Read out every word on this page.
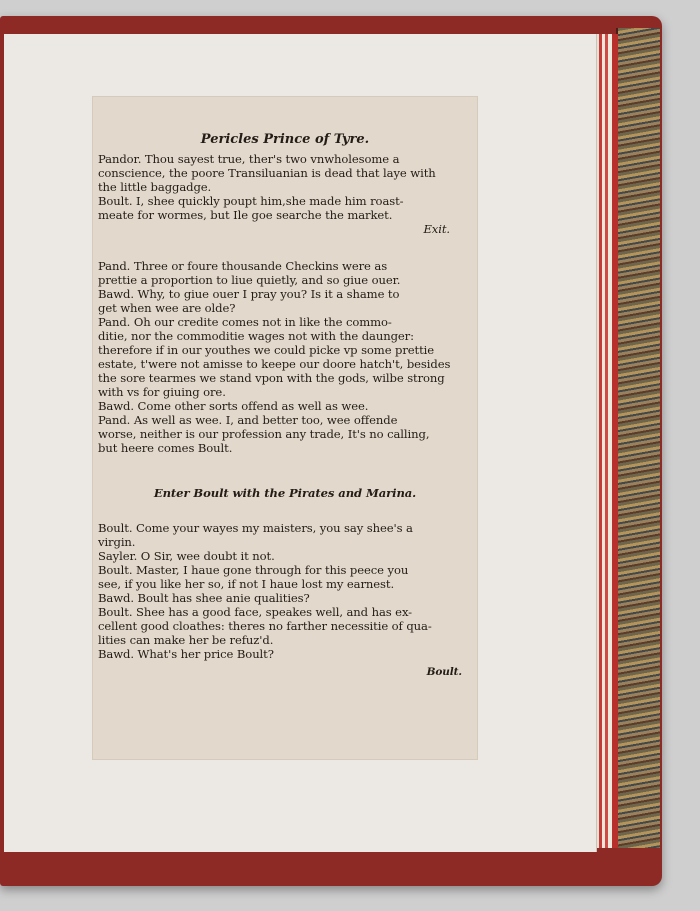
Pericles Prince of Tyre.
Pandor. Thou sayest true, ther's two vnwholesome a
conscience, the poore Transiluanian is dead that laye with
the little baggadge.
Boult. I, shee quickly poupt him,she made him roast-
meate for wormes, but Ile goe searche the market.
Exit.
Pand. Three or foure thousande Checkins were as
prettie a proportion to liue quietly, and so giue ouer.
Bawd. Why, to giue ouer I pray you? Is it a shame to
get when wee are olde?
Pand. Oh our credite comes not in like the commo-
ditie, nor the commoditie wages not with the daunger:
therefore if in our youthes we could picke vp some prettie
estate, t'were not amisse to keepe our doore hatch't, besides
the sore tearmes we stand vpon with the gods, wilbe strong
with vs for giuing ore.
Bawd. Come other sorts offend as well as wee.
Pand. As well as wee. I, and better too, wee offende
worse, neither is our profession any trade, It's no calling,
but heere comes Boult.
Enter Boult with the Pirates and Marina.
Boult. Come your wayes my maisters, you say shee's a
virgin.
Sayler. O Sir, wee doubt it not.
Boult. Master, I haue gone through for this peece you
see, if you like her so, if not I haue lost my earnest.
Bawd. Boult has shee anie qualities?
Boult. Shee has a good face, speakes well, and has ex-
cellent good cloathes: theres no farther necessitie of qua-
lities can make her be refuz'd.
Bawd. What's her price Boult?
Boult.
